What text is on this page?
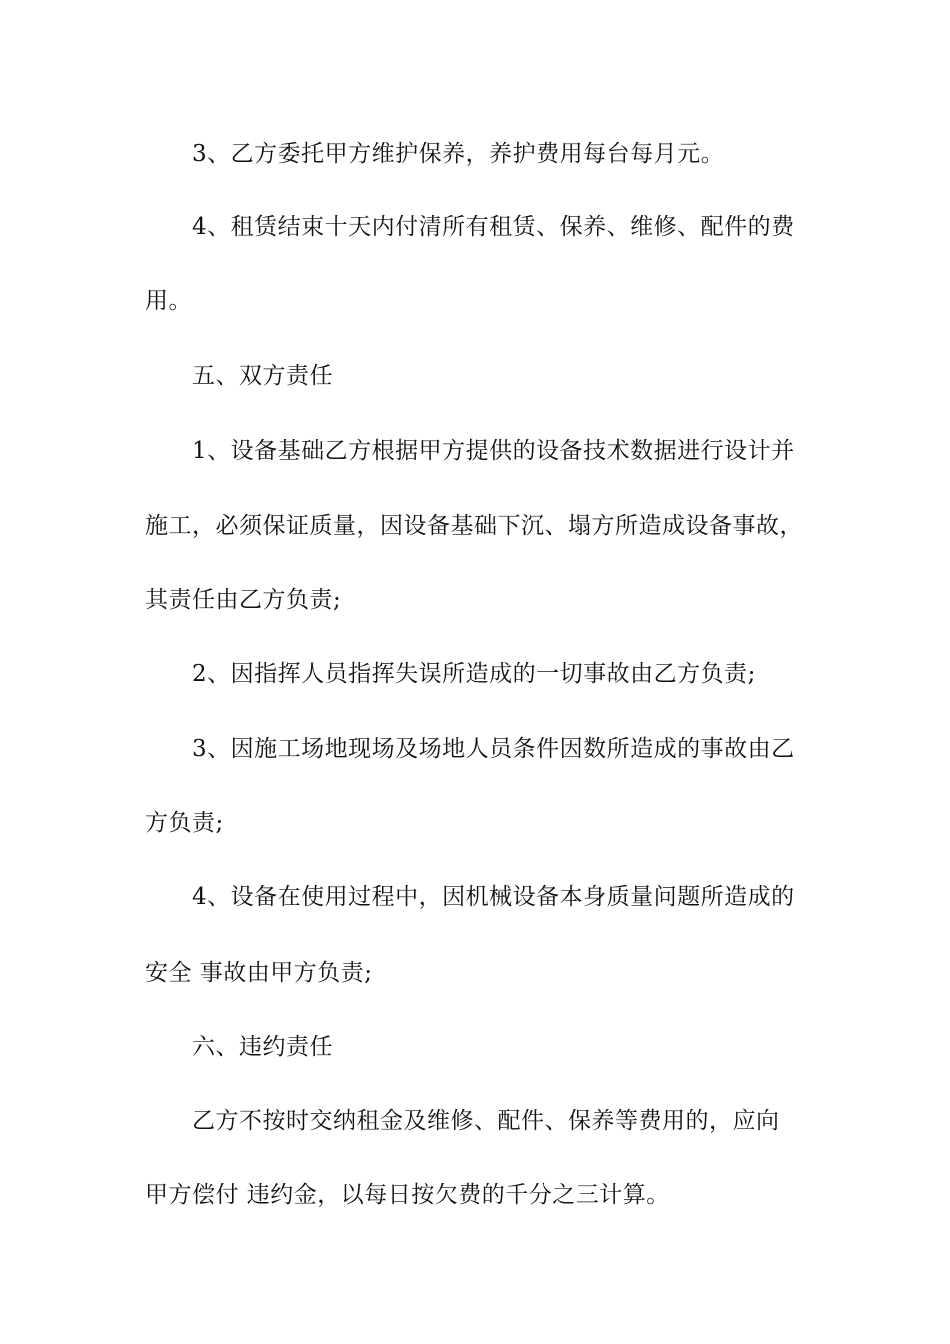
3、乙方委托甲方维护保养，养护费用每台每月元。
4、租赁结束十天内付清所有租赁、保养、维修、配件的费
用。
五、双方责任
1、设备基础乙方根据甲方提供的设备技术数据进行设计并
施工，必须保证质量，因设备基础下沉、塌方所造成设备事故，
其责任由乙方负责;
2、因指挥人员指挥失误所造成的一切事故由乙方负责;
3、因施工场地现场及场地人员条件因数所造成的事故由乙
方负责;
4、设备在使用过程中，因机械设备本身质量问题所造成的
安全 事故由甲方负责;
六、违约责任
乙方不按时交纳租金及维修、配件、保养等费用的，应向
甲方偿付 违约金，以每日按欠费的千分之三计算。
